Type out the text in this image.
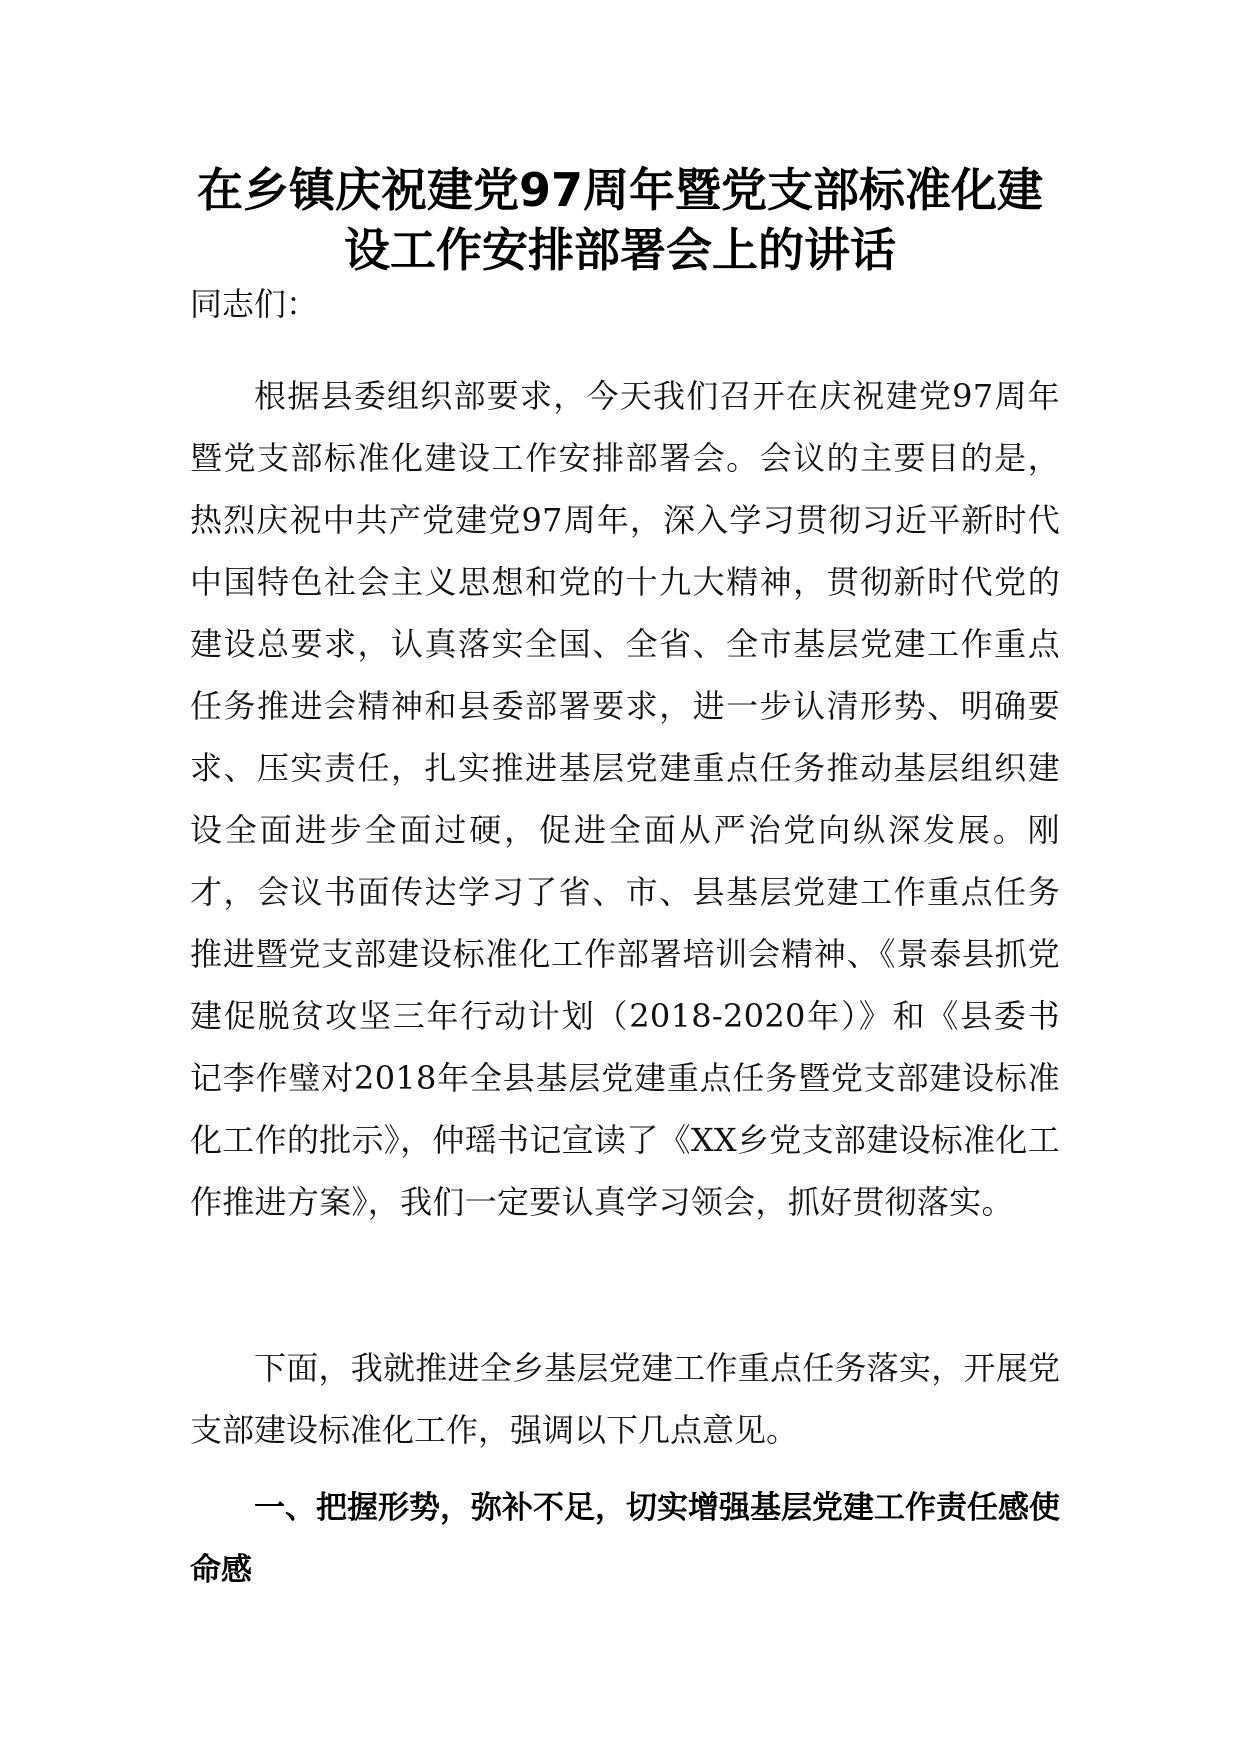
在乡镇庆祝建党97周年暨党支部标准化建设工作安排部署会上的讲话

同志们：

根据县委组织部要求，今天我们召开在庆祝建党97周年暨党支部标准化建设工作安排部署会。会议的主要目的是，热烈庆祝中共产党建党97周年，深入学习贯彻习近平新时代中国特色社会主义思想和党的十九大精神，贯彻新时代党的建设总要求，认真落实全国、全省、全市基层党建工作重点任务推进会精神和县委部署要求，进一步认清形势、明确要求、压实责任，扎实推进基层党建重点任务推动基层组织建设全面进步全面过硬，促进全面从严治党向纵深发展。刚才，会议书面传达学习了省、市、县基层党建工作重点任务推进暨党支部建设标准化工作部署培训会精神、《景泰县抓党建促脱贫攻坚三年行动计划（2018-2020年）》和《县委书记李作璧对2018年全县基层党建重点任务暨党支部建设标准化工作的批示》，仲瑶书记宣读了《XX乡党支部建设标准化工作推进方案》，我们一定要认真学习领会，抓好贯彻落实。

下面，我就推进全乡基层党建工作重点任务落实，开展党支部建设标准化工作，强调以下几点意见。

一、把握形势，弥补不足，切实增强基层党建工作责任感使命感
